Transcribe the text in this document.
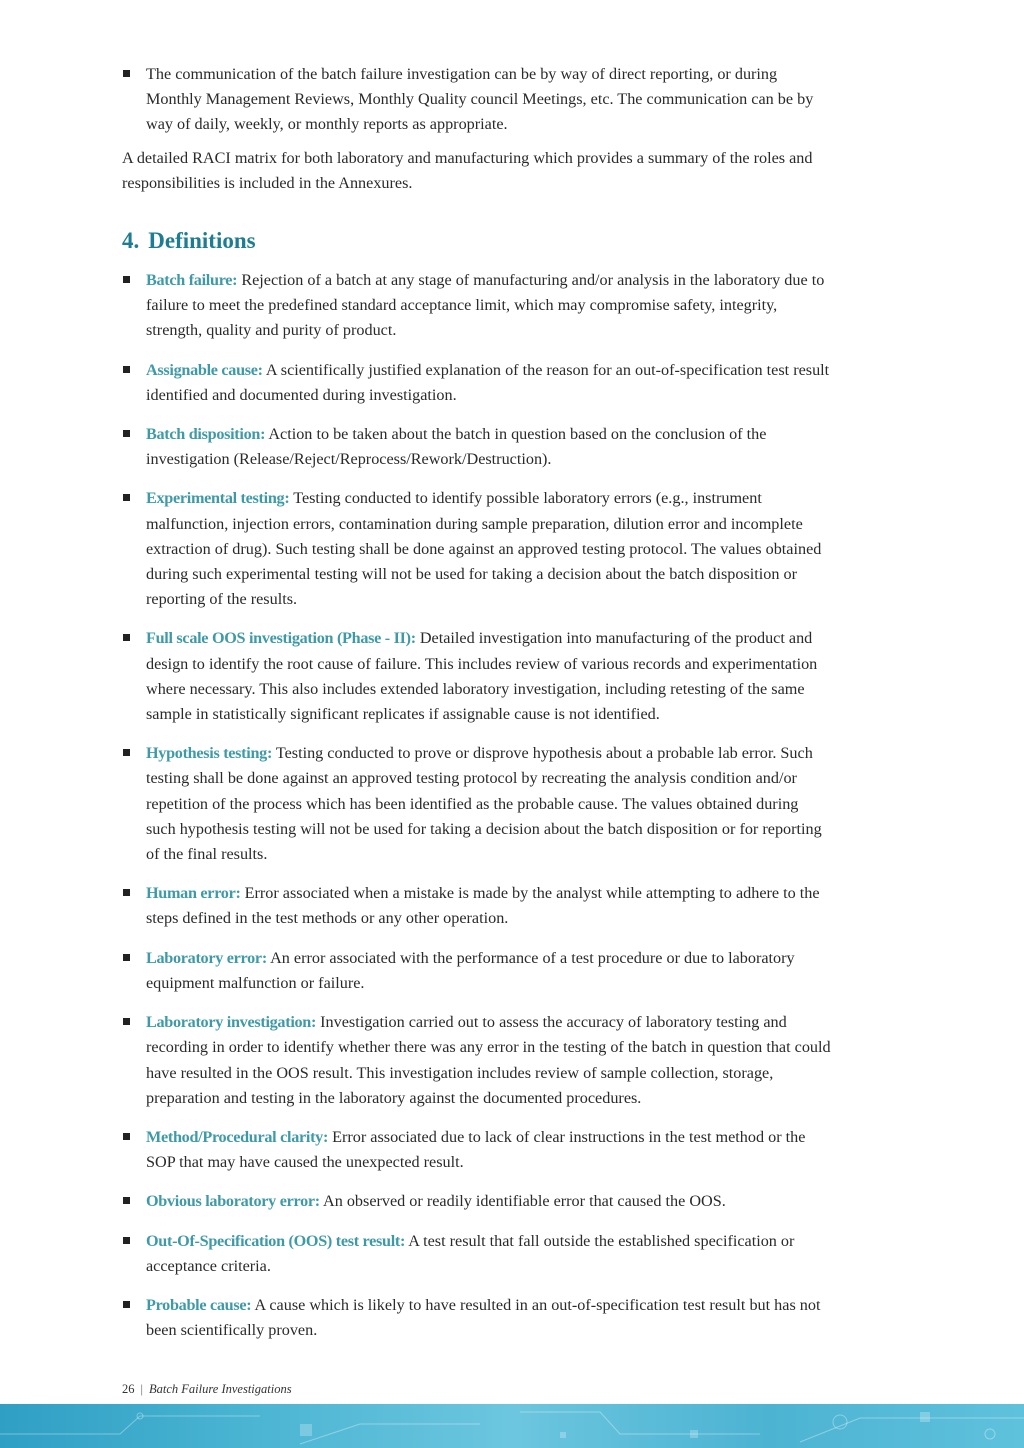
The communication of the batch failure investigation can be by way of direct reporting, or during Monthly Management Reviews, Monthly Quality council Meetings, etc. The communication can be by way of daily, weekly, or monthly reports as appropriate.

A detailed RACI matrix for both laboratory and manufacturing which provides a summary of the roles and responsibilities is included in the Annexures.

4. Definitions
Batch failure: Rejection of a batch at any stage of manufacturing and/or analysis in the laboratory due to failure to meet the predefined standard acceptance limit, which may compromise safety, integrity, strength, quality and purity of product.
Assignable cause: A scientifically justified explanation of the reason for an out-of-specification test result identified and documented during investigation.
Batch disposition: Action to be taken about the batch in question based on the conclusion of the investigation (Release/Reject/Reprocess/Rework/Destruction).
Experimental testing: Testing conducted to identify possible laboratory errors (e.g., instrument malfunction, injection errors, contamination during sample preparation, dilution error and incomplete extraction of drug). Such testing shall be done against an approved testing protocol. The values obtained during such experimental testing will not be used for taking a decision about the batch disposition or reporting of the results.
Full scale OOS investigation (Phase - II): Detailed investigation into manufacturing of the product and design to identify the root cause of failure. This includes review of various records and experimentation where necessary. This also includes extended laboratory investigation, including retesting of the same sample in statistically significant replicates if assignable cause is not identified.
Hypothesis testing: Testing conducted to prove or disprove hypothesis about a probable lab error. Such testing shall be done against an approved testing protocol by recreating the analysis condition and/or repetition of the process which has been identified as the probable cause. The values obtained during such hypothesis testing will not be used for taking a decision about the batch disposition or for reporting of the final results.
Human error: Error associated when a mistake is made by the analyst while attempting to adhere to the steps defined in the test methods or any other operation.
Laboratory error: An error associated with the performance of a test procedure or due to laboratory equipment malfunction or failure.
Laboratory investigation: Investigation carried out to assess the accuracy of laboratory testing and recording in order to identify whether there was any error in the testing of the batch in question that could have resulted in the OOS result. This investigation includes review of sample collection, storage, preparation and testing in the laboratory against the documented procedures.
Method/Procedural clarity: Error associated due to lack of clear instructions in the test method or the SOP that may have caused the unexpected result.
Obvious laboratory error: An observed or readily identifiable error that caused the OOS.
Out-Of-Specification (OOS) test result: A test result that fall outside the established specification or acceptance criteria.
Probable cause: A cause which is likely to have resulted in an out-of-specification test result but has not been scientifically proven.
26 | Batch Failure Investigations
